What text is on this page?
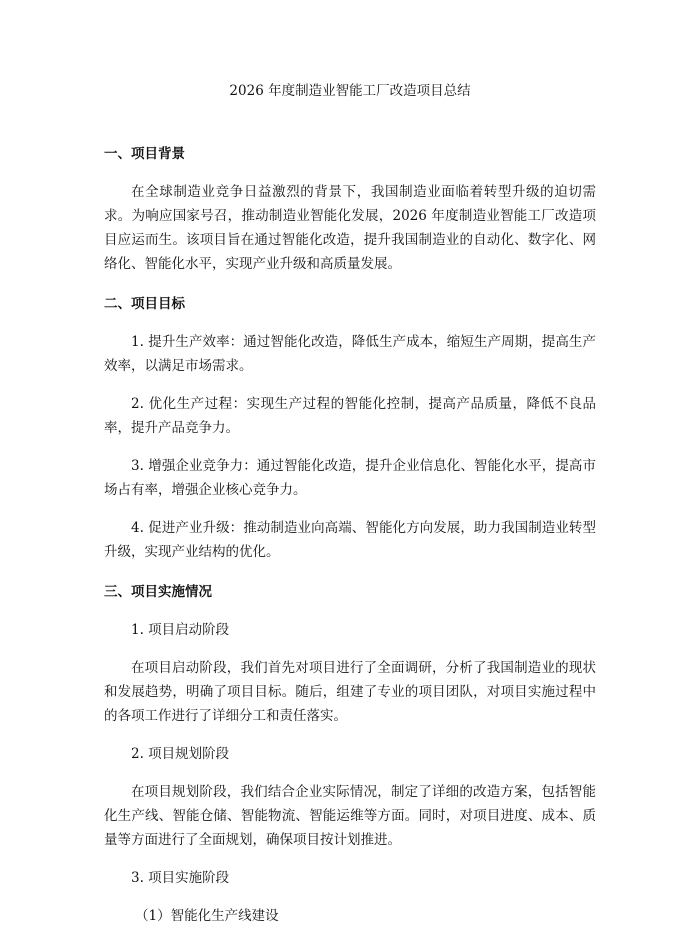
2026 年度制造业智能工厂改造项目总结

一、项目背景

在全球制造业竞争日益激烈的背景下，我国制造业面临着转型升级的迫切需求。为响应国家号召，推动制造业智能化发展，2026 年度制造业智能工厂改造项目应运而生。该项目旨在通过智能化改造，提升我国制造业的自动化、数字化、网络化、智能化水平，实现产业升级和高质量发展。

二、项目目标

1. 提升生产效率：通过智能化改造，降低生产成本，缩短生产周期，提高生产效率，以满足市场需求。

2. 优化生产过程：实现生产过程的智能化控制，提高产品质量，降低不良品率，提升产品竞争力。

3. 增强企业竞争力：通过智能化改造，提升企业信息化、智能化水平，提高市场占有率，增强企业核心竞争力。

4. 促进产业升级：推动制造业向高端、智能化方向发展，助力我国制造业转型升级，实现产业结构的优化。

三、项目实施情况

1. 项目启动阶段

在项目启动阶段，我们首先对项目进行了全面调研，分析了我国制造业的现状和发展趋势，明确了项目目标。随后，组建了专业的项目团队，对项目实施过程中的各项工作进行了详细分工和责任落实。

2. 项目规划阶段

在项目规划阶段，我们结合企业实际情况，制定了详细的改造方案，包括智能化生产线、智能仓储、智能物流、智能运维等方面。同时，对项目进度、成本、质量等方面进行了全面规划，确保项目按计划推进。

3. 项目实施阶段

（1）智能化生产线建设
